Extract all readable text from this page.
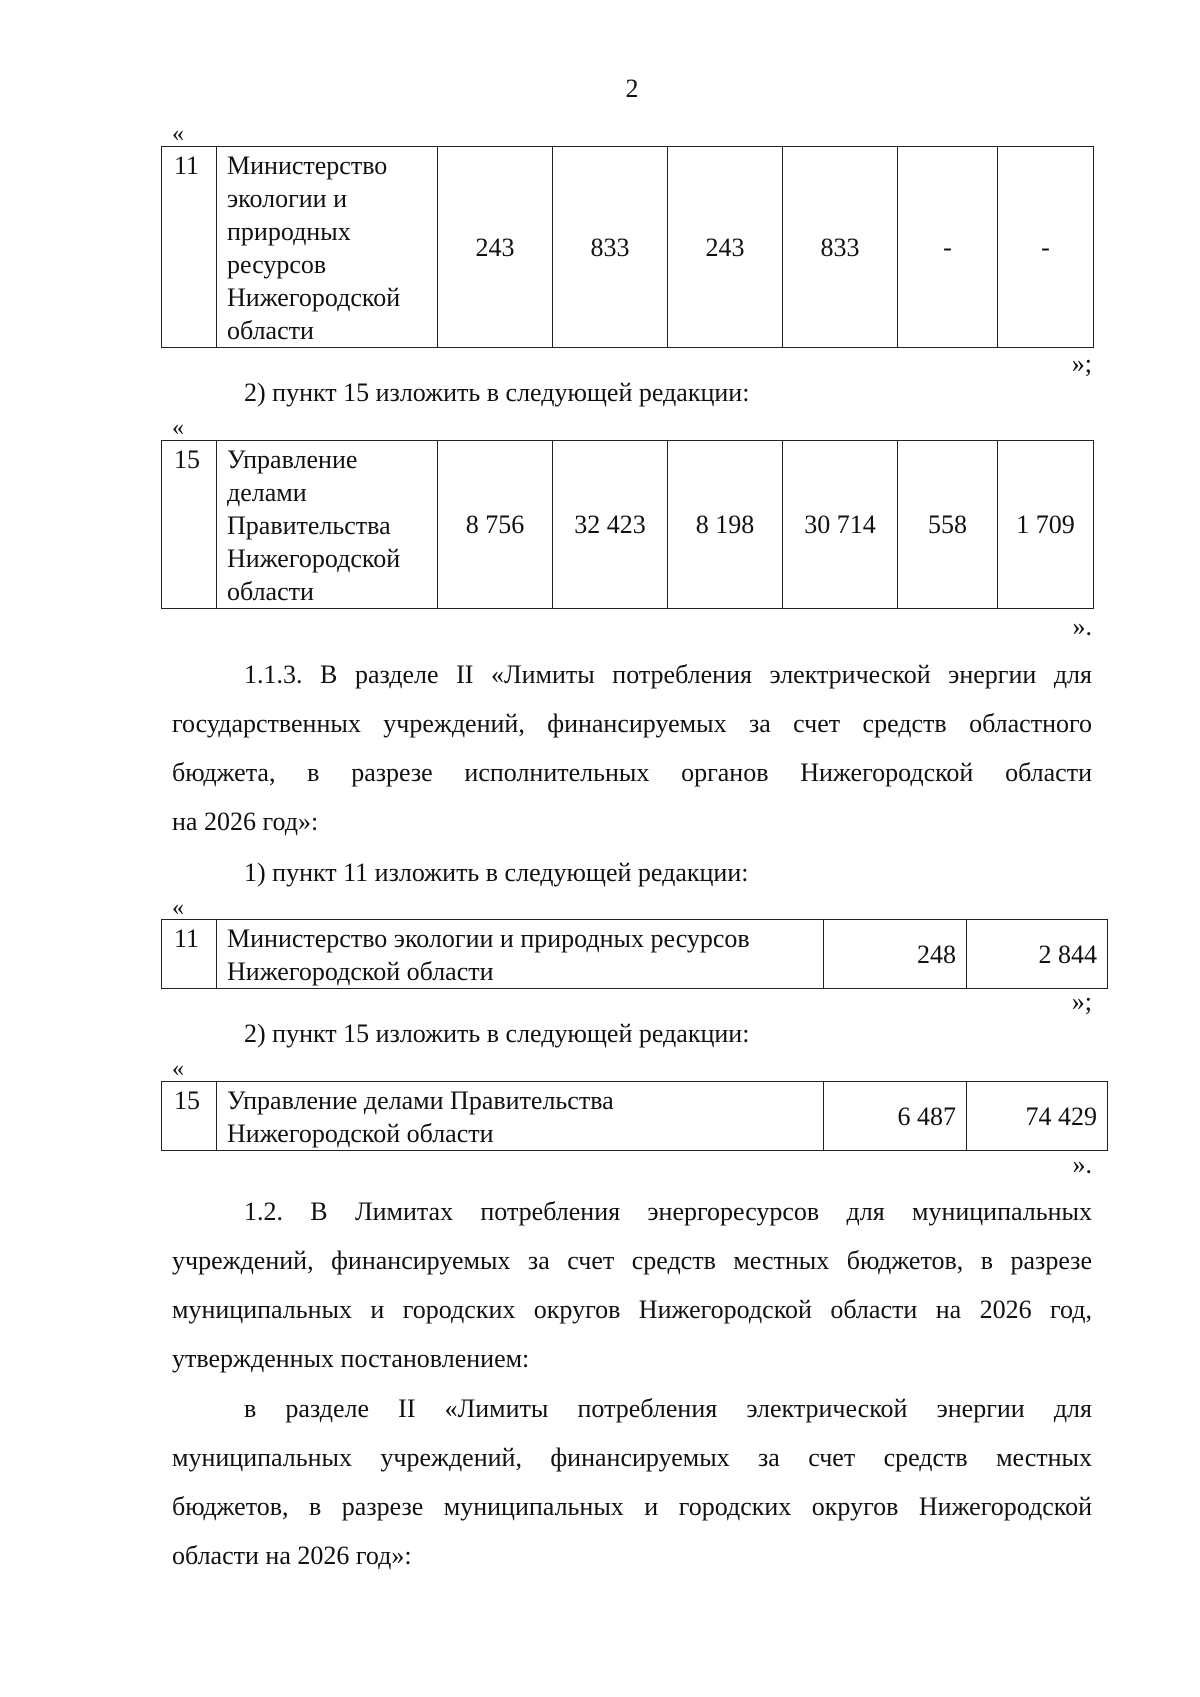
2
«
11	Министерство
экологии и
природных
ресурсов
Нижегородской
области
	243	833	243	833	-	-
»;
2) пункт 15 изложить в следующей редакции:
«
15	Управление
делами
Правительства
Нижегородской
области
	8 756	32 423	8 198	30 714	558	1 709
».
1.1.3. В разделе II «Лимиты потребления электрической энергии для
государственных учреждений, финансируемых за счет средств областного
бюджета, в разрезе исполнительных органов Нижегородской области
на 2026 год»:
1) пункт 11 изложить в следующей редакции:
«
11	Министерство экологии и природных ресурсов
Нижегородской области
	248	2 844
»;
2) пункт 15 изложить в следующей редакции:
«
15	Управление делами Правительства
Нижегородской области
	6 487	74 429
».
1.2. В Лимитах потребления энергоресурсов для муниципальных
учреждений, финансируемых за счет средств местных бюджетов, в разрезе
муниципальных и городских округов Нижегородской области на 2026 год,
утвержденных постановлением:
в разделе II «Лимиты потребления электрической энергии для
муниципальных учреждений, финансируемых за счет средств местных
бюджетов, в разрезе муниципальных и городских округов Нижегородской
области на 2026 год»:
